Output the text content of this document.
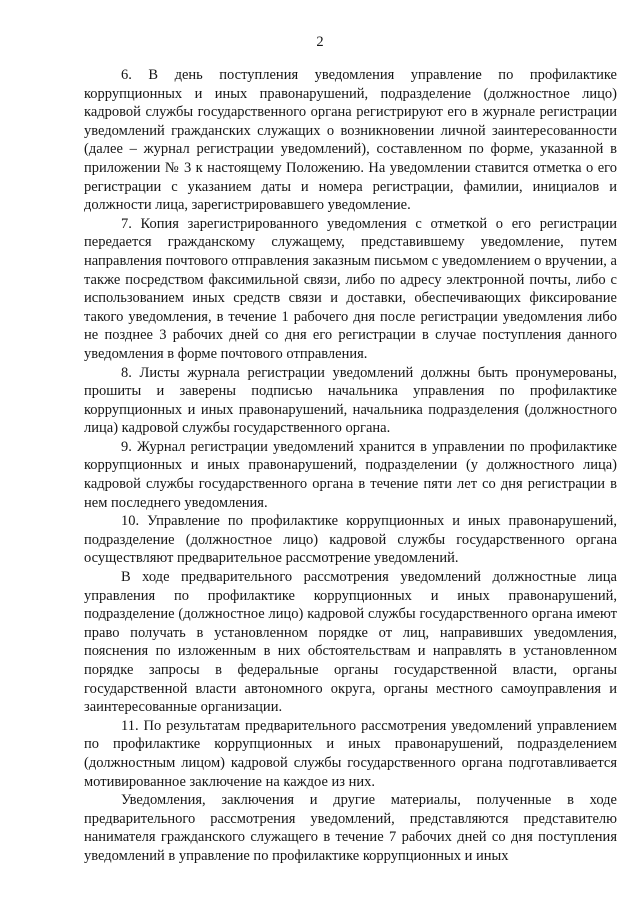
2

6. В день поступления уведомления управление по профилактике коррупционных и иных правонарушений, подразделение (должностное лицо) кадровой службы государственного органа регистрируют его в журнале регистрации уведомлений гражданских служащих о возникновении личной заинтересованности (далее – журнал регистрации уведомлений), составленном по форме, указанной в приложении № 3 к настоящему Положению. На уведомлении ставится отметка о его регистрации с указанием даты и номера регистрации, фамилии, инициалов и должности лица, зарегистрировавшего уведомление.

7. Копия зарегистрированного уведомления с отметкой о его регистрации передается гражданскому служащему, представившему уведомление, путем направления почтового отправления заказным письмом с уведомлением о вручении, а также посредством факсимильной связи, либо по адресу электронной почты, либо с использованием иных средств связи и доставки, обеспечивающих фиксирование такого уведомления, в течение 1 рабочего дня после регистрации уведомления либо не позднее 3 рабочих дней со дня его регистрации в случае поступления данного уведомления в форме почтового отправления.

8. Листы журнала регистрации уведомлений должны быть пронумерованы, прошиты и заверены подписью начальника управления по профилактике коррупционных и иных правонарушений, начальника подразделения (должностного лица) кадровой службы государственного органа.

9. Журнал регистрации уведомлений хранится в управлении по профилактике коррупционных и иных правонарушений, подразделении (у должностного лица) кадровой службы государственного органа в течение пяти лет со дня регистрации в нем последнего уведомления.

10. Управление по профилактике коррупционных и иных правонарушений, подразделение (должностное лицо) кадровой службы государственного органа осуществляют предварительное рассмотрение уведомлений.

В ходе предварительного рассмотрения уведомлений должностные лица управления по профилактике коррупционных и иных правонарушений, подразделение (должностное лицо) кадровой службы государственного органа имеют право получать в установленном порядке от лиц, направивших уведомления, пояснения по изложенным в них обстоятельствам и направлять в установленном порядке запросы в федеральные органы государственной власти, органы государственной власти автономного округа, органы местного самоуправления и заинтересованные организации.

11. По результатам предварительного рассмотрения уведомлений управлением по профилактике коррупционных и иных правонарушений, подразделением (должностным лицом) кадровой службы государственного органа подготавливается мотивированное заключение на каждое из них.

Уведомления, заключения и другие материалы, полученные в ходе предварительного рассмотрения уведомлений, представляются представителю нанимателя гражданского служащего в течение 7 рабочих дней со дня поступления уведомлений в управление по профилактике коррупционных и иных
